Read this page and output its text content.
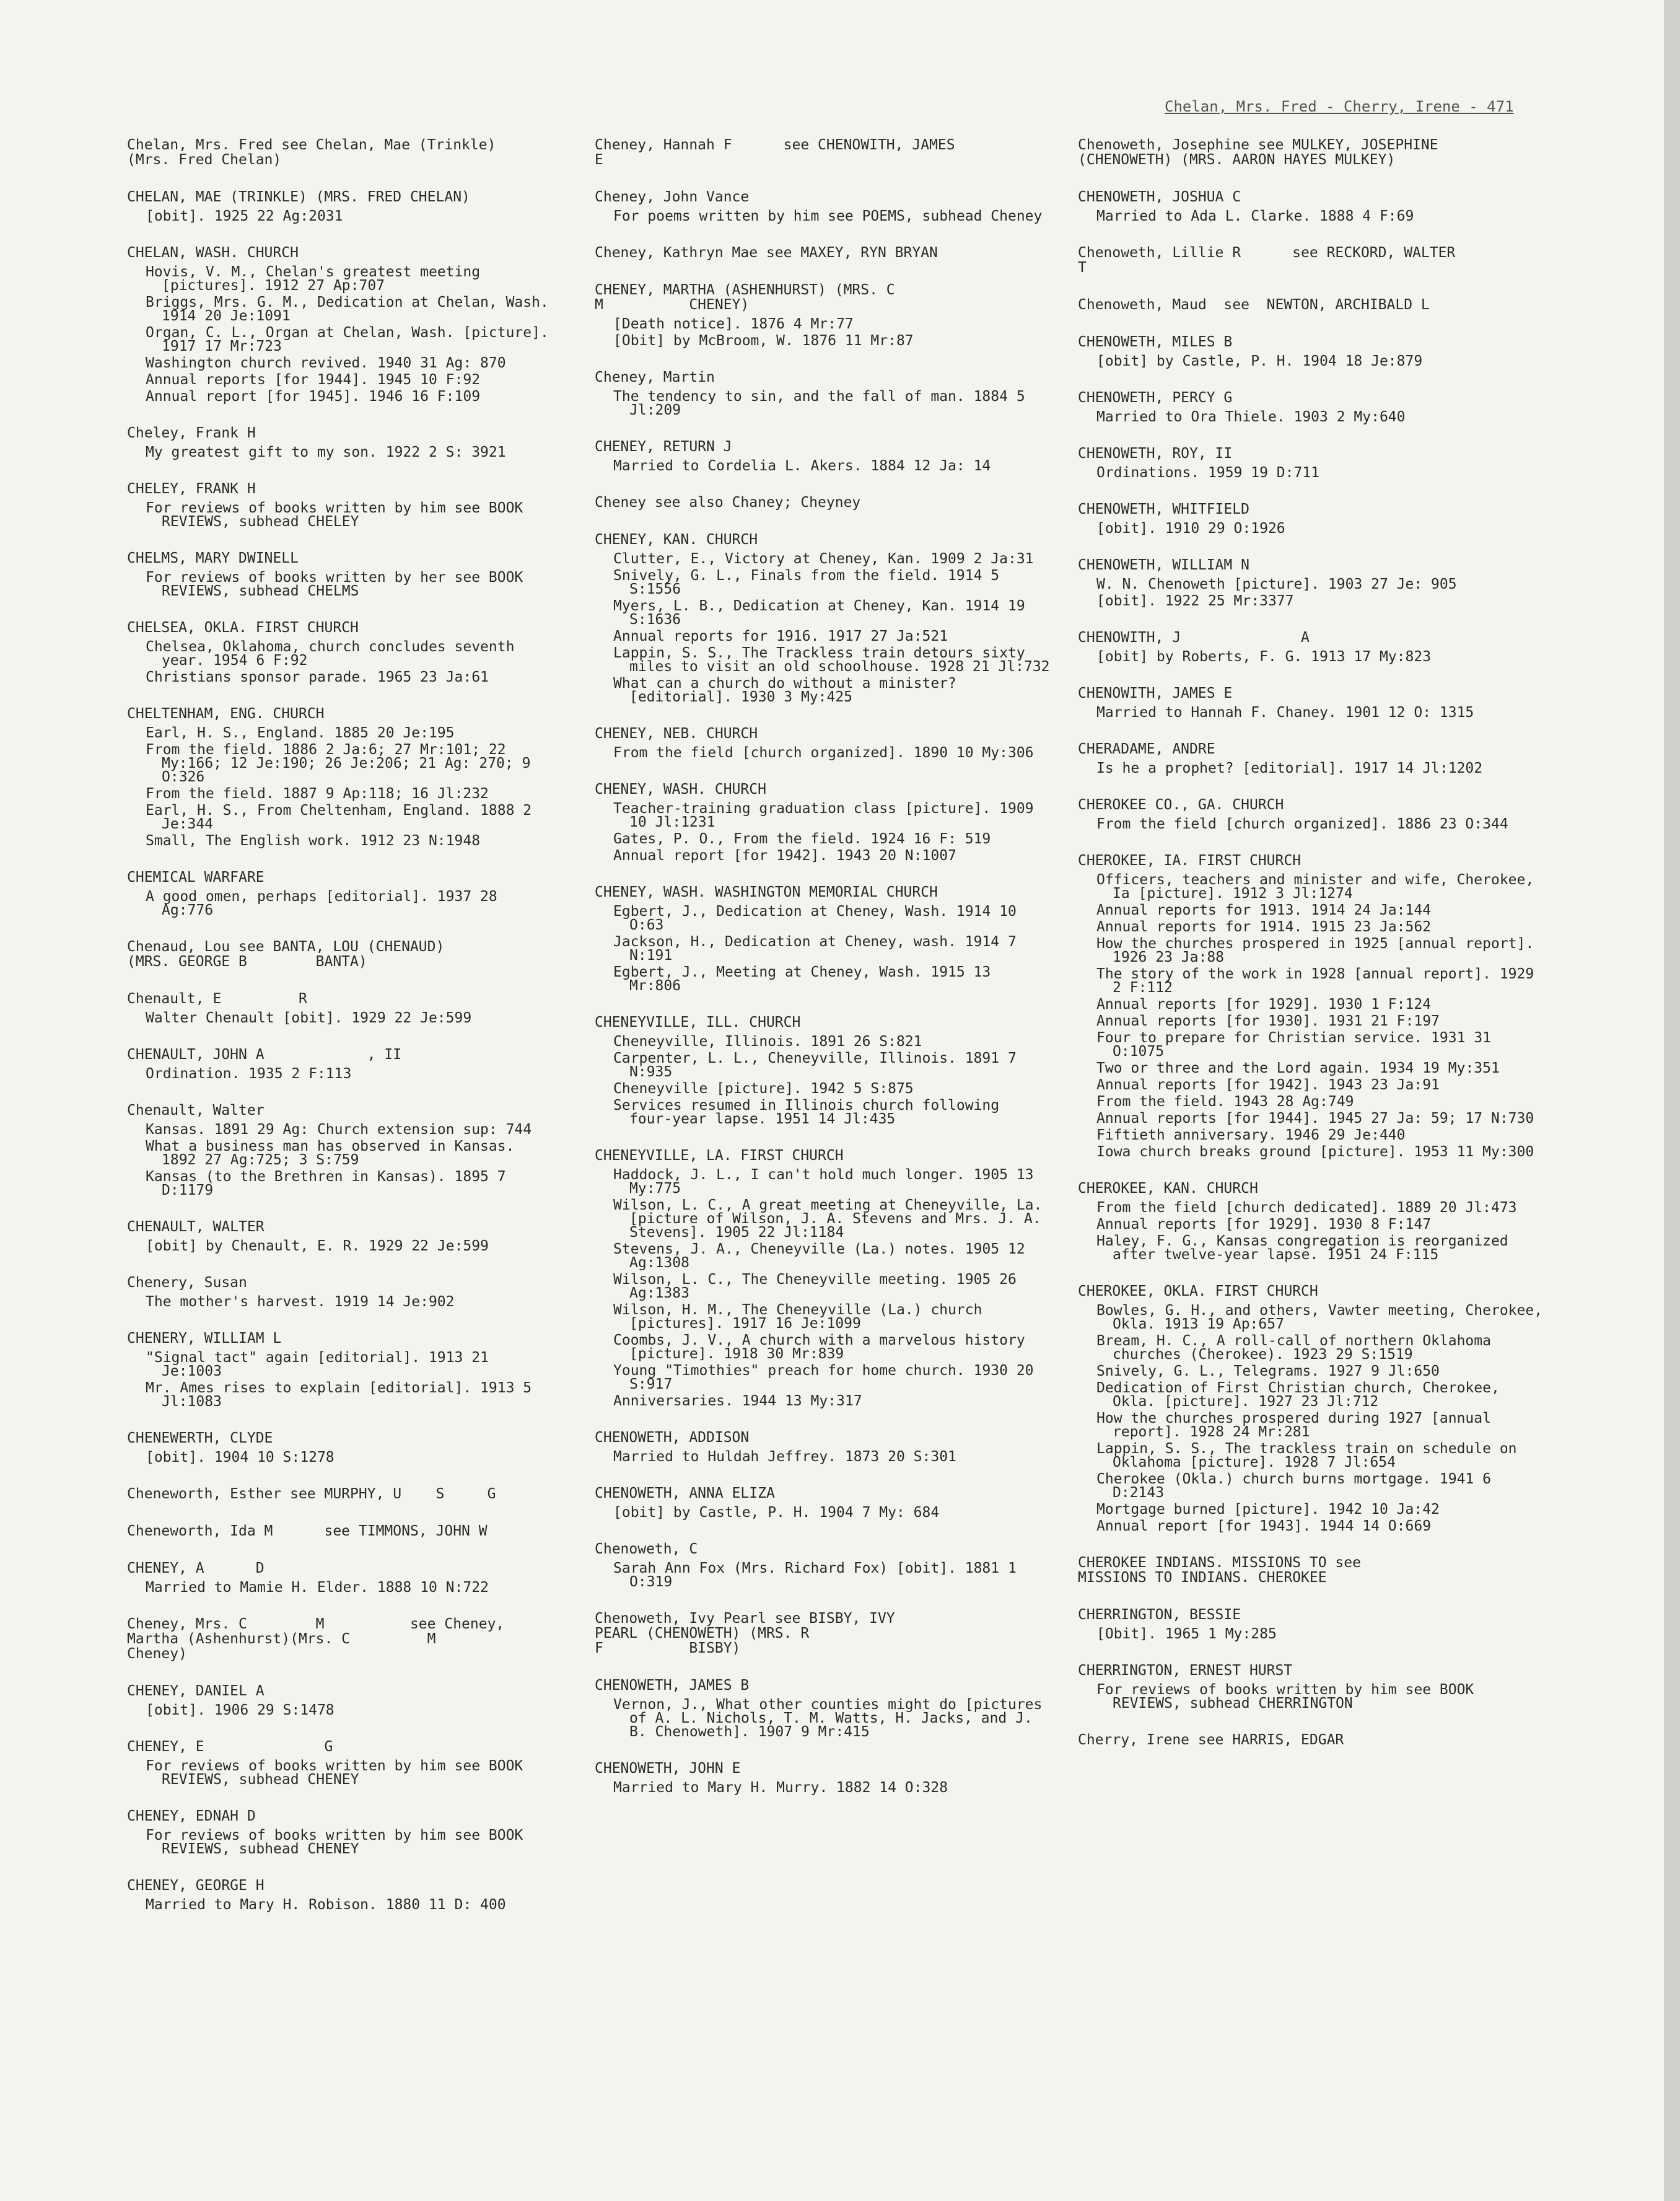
Chelan, Mrs. Fred - Cherry, Irene - 471
Chelan, Mrs. Fred see Chelan, Mae (Trinkle)
(Mrs. Fred Chelan)
CHELAN, MAE (TRINKLE) (MRS. FRED CHELAN)
[obit]. 1925 22 Ag:2031
CHELAN, WASH. CHURCH
Hovis, V. M., Chelan's greatest meeting [pictures]. 1912 27 Ap:707
Briggs, Mrs. G. M., Dedication at Chelan, Wash. 1914 20 Je:1091
Organ, C. L., Organ at Chelan, Wash. [picture]. 1917 17 Mr:723
Washington church revived. 1940 31 Ag: 870
Annual reports [for 1944]. 1945 10 F:92
Annual report [for 1945]. 1946 16 F:109
Cheley, Frank H
My greatest gift to my son. 1922 2 S: 3921
CHELEY, FRANK H
For reviews of books written by him see BOOK REVIEWS, subhead CHELEY
CHELMS, MARY DWINELL
For reviews of books written by her see BOOK REVIEWS, subhead CHELMS
CHELSEA, OKLA. FIRST CHURCH
Chelsea, Oklahoma, church concludes seventh year. 1954 6 F:92
Christians sponsor parade. 1965 23 Ja:61
CHELTENHAM, ENG. CHURCH
Earl, H. S., England. 1885 20 Je:195
From the field. 1886 2 Ja:6; 27 Mr:101; 22 My:166; 12 Je:190; 26 Je:206; 21 Ag: 270; 9 O:326
From the field. 1887 9 Ap:118; 16 Jl:232
Earl, H. S., From Cheltenham, England. 1888 2 Je:344
Small, The English work. 1912 23 N:1948
CHEMICAL WARFARE
A good omen, perhaps [editorial]. 1937 28 Ag:776
Chenaud, Lou see BANTA, LOU (CHENAUD)
(MRS. GEORGE B        BANTA)
Chenault, E         R
Walter Chenault [obit]. 1929 22 Je:599
CHENAULT, JOHN A            , II
Ordination. 1935 2 F:113
Chenault, Walter
Kansas. 1891 29 Ag: Church extension sup: 744
What a business man has observed in Kansas. 1892 27 Ag:725; 3 S:759
Kansas (to the Brethren in Kansas). 1895 7 D:1179
CHENAULT, WALTER
[obit] by Chenault, E. R. 1929 22 Je:599
Chenery, Susan
The mother's harvest. 1919 14 Je:902
CHENERY, WILLIAM L
"Signal tact" again [editorial]. 1913 21 Je:1003
Mr. Ames rises to explain [editorial]. 1913 5 Jl:1083
CHENEWERTH, CLYDE
[obit]. 1904 10 S:1278
Cheneworth, Esther see MURPHY, U    S     G
Cheneworth, Ida M      see TIMMONS, JOHN W
CHENEY, A      D
Married to Mamie H. Elder. 1888 10 N:722
Cheney, Mrs. C        M          see Cheney,
Martha (Ashenhurst)(Mrs. C         M
Cheney)
CHENEY, DANIEL A
[obit]. 1906 29 S:1478
CHENEY, E              G
For reviews of books written by him see BOOK REVIEWS, subhead CHENEY
CHENEY, EDNAH D
For reviews of books written by him see BOOK REVIEWS, subhead CHENEY
CHENEY, GEORGE H
Married to Mary H. Robison. 1880 11 D: 400
Cheney, Hannah F      see CHENOWITH, JAMES
E
Cheney, John Vance
For poems written by him see POEMS, subhead Cheney
Cheney, Kathryn Mae see MAXEY, RYN BRYAN
CHENEY, MARTHA (ASHENHURST) (MRS. C
M          CHENEY)
[Death notice]. 1876 4 Mr:77
[Obit] by McBroom, W. 1876 11 Mr:87
Cheney, Martin
The tendency to sin, and the fall of man. 1884 5 Jl:209
CHENEY, RETURN J
Married to Cordelia L. Akers. 1884 12 Ja: 14
Cheney see also Chaney; Cheyney
CHENEY, KAN. CHURCH
Clutter, E., Victory at Cheney, Kan. 1909 2 Ja:31
Snively, G. L., Finals from the field. 1914 5 S:1556
Myers, L. B., Dedication at Cheney, Kan. 1914 19 S:1636
Annual reports for 1916. 1917 27 Ja:521
Lappin, S. S., The Trackless train detours sixty miles to visit an old schoolhouse. 1928 21 Jl:732
What can a church do without a minister? [editorial]. 1930 3 My:425
CHENEY, NEB. CHURCH
From the field [church organized]. 1890 10 My:306
CHENEY, WASH. CHURCH
Teacher-training graduation class [picture]. 1909 10 Jl:1231
Gates, P. O., From the field. 1924 16 F: 519
Annual report [for 1942]. 1943 20 N:1007
CHENEY, WASH. WASHINGTON MEMORIAL CHURCH
Egbert, J., Dedication at Cheney, Wash. 1914 10 O:63
Jackson, H., Dedication at Cheney, wash. 1914 7 N:191
Egbert, J., Meeting at Cheney, Wash. 1915 13 Mr:806
CHENEYVILLE, ILL. CHURCH
Cheneyville, Illinois. 1891 26 S:821
Carpenter, L. L., Cheneyville, Illinois. 1891 7 N:935
Cheneyville [picture]. 1942 5 S:875
Services resumed in Illinois church following four-year lapse. 1951 14 Jl:435
CHENEYVILLE, LA. FIRST CHURCH
Haddock, J. L., I can't hold much longer. 1905 13 My:775
Wilson, L. C., A great meeting at Cheneyville, La. [picture of Wilson, J. A. Stevens and Mrs. J. A. Stevens]. 1905 22 Jl:1184
Stevens, J. A., Cheneyville (La.) notes. 1905 12 Ag:1308
Wilson, L. C., The Cheneyville meeting. 1905 26 Ag:1383
Wilson, H. M., The Cheneyville (La.) church [pictures]. 1917 16 Je:1099
Coombs, J. V., A church with a marvelous history [picture]. 1918 30 Mr:839
Young "Timothies" preach for home church. 1930 20 S:917
Anniversaries. 1944 13 My:317
CHENOWETH, ADDISON
Married to Huldah Jeffrey. 1873 20 S:301
CHENOWETH, ANNA ELIZA
[obit] by Castle, P. H. 1904 7 My: 684
Chenoweth, C
Sarah Ann Fox (Mrs. Richard Fox) [obit]. 1881 1 O:319
Chenoweth, Ivy Pearl see BISBY, IVY
PEARL (CHENOWETH) (MRS. R
F          BISBY)
CHENOWETH, JAMES B
Vernon, J., What other counties might do [pictures of A. L. Nichols, T. M. Watts, H. Jacks, and J. B. Chenoweth]. 1907 9 Mr:415
CHENOWETH, JOHN E
Married to Mary H. Murry. 1882 14 O:328
Chenoweth, Josephine see MULKEY, JOSEPHINE
(CHENOWETH) (MRS. AARON HAYES MULKEY)
CHENOWETH, JOSHUA C
Married to Ada L. Clarke. 1888 4 F:69
Chenoweth, Lillie R      see RECKORD, WALTER
T
Chenoweth, Maud  see  NEWTON, ARCHIBALD L
CHENOWETH, MILES B
[obit] by Castle, P. H. 1904 18 Je:879
CHENOWETH, PERCY G
Married to Ora Thiele. 1903 2 My:640
CHENOWETH, ROY, II
Ordinations. 1959 19 D:711
CHENOWETH, WHITFIELD
[obit]. 1910 29 O:1926
CHENOWETH, WILLIAM N
W. N. Chenoweth [picture]. 1903 27 Je: 905
[obit]. 1922 25 Mr:3377
CHENOWITH, J              A
[obit] by Roberts, F. G. 1913 17 My:823
CHENOWITH, JAMES E
Married to Hannah F. Chaney. 1901 12 O: 1315
CHERADAME, ANDRE
Is he a prophet? [editorial]. 1917 14 Jl:1202
CHEROKEE CO., GA. CHURCH
From the field [church organized]. 1886 23 O:344
CHEROKEE, IA. FIRST CHURCH
Officers, teachers and minister and wife, Cherokee, Ia [picture]. 1912 3 Jl:1274
Annual reports for 1913. 1914 24 Ja:144
Annual reports for 1914. 1915 23 Ja:562
How the churches prospered in 1925 [annual report]. 1926 23 Ja:88
The story of the work in 1928 [annual report]. 1929 2 F:112
Annual reports [for 1929]. 1930 1 F:124
Annual reports [for 1930]. 1931 21 F:197
Four to prepare for Christian service. 1931 31 O:1075
Two or three and the Lord again. 1934 19 My:351
Annual reports [for 1942]. 1943 23 Ja:91
From the field. 1943 28 Ag:749
Annual reports [for 1944]. 1945 27 Ja: 59; 17 N:730
Fiftieth anniversary. 1946 29 Je:440
Iowa church breaks ground [picture]. 1953 11 My:300
CHEROKEE, KAN. CHURCH
From the field [church dedicated]. 1889 20 Jl:473
Annual reports [for 1929]. 1930 8 F:147
Haley, F. G., Kansas congregation is reorganized after twelve-year lapse. 1951 24 F:115
CHEROKEE, OKLA. FIRST CHURCH
Bowles, G. H., and others, Vawter meeting, Cherokee, Okla. 1913 19 Ap:657
Bream, H. C., A roll-call of northern Oklahoma churches (Cherokee). 1923 29 S:1519
Snively, G. L., Telegrams. 1927 9 Jl:650
Dedication of First Christian church, Cherokee, Okla. [picture]. 1927 23 Jl:712
How the churches prospered during 1927 [annual report]. 1928 24 Mr:281
Lappin, S. S., The trackless train on schedule on Oklahoma [picture]. 1928 7 Jl:654
Cherokee (Okla.) church burns mortgage. 1941 6 D:2143
Mortgage burned [picture]. 1942 10 Ja:42
Annual report [for 1943]. 1944 14 O:669
CHEROKEE INDIANS. MISSIONS TO see
MISSIONS TO INDIANS. CHEROKEE
CHERRINGTON, BESSIE
[Obit]. 1965 1 My:285
CHERRINGTON, ERNEST HURST
For reviews of books written by him see BOOK REVIEWS, subhead CHERRINGTON
Cherry, Irene see HARRIS, EDGAR
